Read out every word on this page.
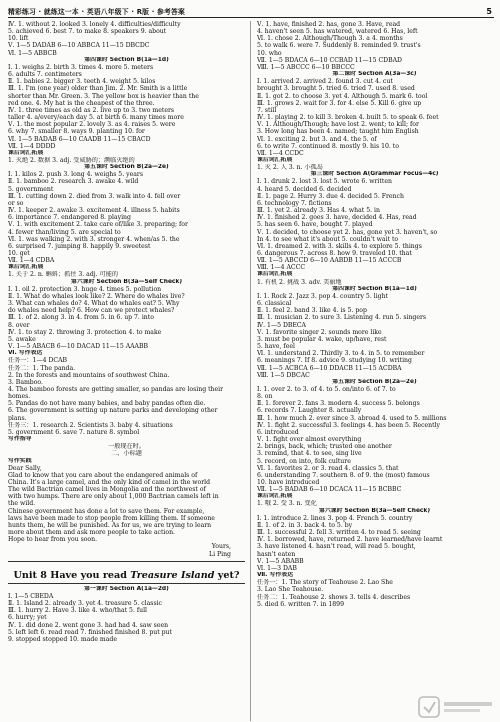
精彩练习 · 就练这一本 · 英语八年级下 · R版 · 参考答案	5
Ⅳ. 1. without 2. looked 3. lonely 4. difficulties/difficulty
5. achieved 6. best 7. to make 8. speakers 9. about
10. lift
Ⅴ. 1—5 DADAB 6—10 ABBCA 11—15 DBCDC
Ⅵ. 1—5 ABBCB
第四课时 Section B(1a—1d)
Ⅰ. 1. weighs 2. birth 3. times 4. more 5. meters
6. adults 7. centimeters
Ⅱ. 1. babies 2. bigger 3. teeth 4. weight 5. kilos
Ⅲ. 1. I'm (one year) older than Jim. 2. Mr. Smith is a little
shorter than Mr. Green. 3. The yellow box is heavier than the
red one. 4. My hat is the cheapest of the three.
Ⅳ. 1. three times as old as 2. live up to 3. two meters
taller 4. a/every/each day 5. at birth 6. many times more
Ⅴ. 1. the most popular 2. lovely 3. as 4. raises 5. were
6. why 7. smaller 8. ways 9. planting 10. for
Ⅵ. 1—5 BADAB 6—10 CAADB 11—15 CBACD
Ⅶ. 1—4 DDDD
课后词汇拓展
1. 灭绝 2. 数据 3. adj. 受威胁的；濒临灭绝的
第五课时 Section B(2a—2e)
Ⅰ. 1. kilos 2. push 3. long 4. weighs 5. years
Ⅱ. 1. bamboo 2. research 3. awake 4. wild
5. government
Ⅲ. 1. cutting down 2. died from 3. walk into 4. fell over
or so
Ⅳ. 1. keeper 2. awake 3. excitement 4. illness 5. habits
6. importance 7. endangered 8. playing
Ⅴ. 1. with excitement 2. take care of/like 3. preparing; for
4. fewer than/living 5. are special to
Ⅵ. 1. was walking 2. with 3. stronger 4. when/as 5. the
6. surprised 7. jumping 8. happily 9. sweetest
10. get
Ⅶ. 1—4 CDBA
课后词汇拓展
1. 关于 2. n. 蝌蚪；抓住 3. adj. 可能的
第六课时 Section B(3a—Self Check)
Ⅰ. 1. oil 2. protection 3. huge 4. times 5. pollution
Ⅱ. 1. What do whales look like? 2. Where do whales live?
3. What can whales do? 4. What do whales eat? 5. Why
do whales need help? 6. How can we protect whales?
Ⅲ. 1. of 2. along 3. in 4. from 5. in 6. up 7. into
8. over
Ⅳ. 1. to stay 2. throwing 3. protection 4. to make
5. awake
Ⅴ. 1—5 ABACB 6—10 DACAD 11—15 AAABB
Ⅵ. 写作表达
任务一：1—4 DCAB
任务二：1. The panda.
2. In the forests and mountains of southwest China.
3. Bamboo.
4. The bamboo forests are getting smaller, so pandas are losing their
homes.
5. Pandas do not have many babies, and baby pandas often die.
6. The government is setting up nature parks and developing other
plans.
任务三：1. research 2. Scientists 3. baby 4. situations
5. government 6. save 7. nature 8. symbol
写作指导
一般现在时。
二、小标题
写作实践
Dear Sally,
Glad to know that you care about the endangered animals of
China. It's a large camel, and the only kind of camel in the world
The wild Bactrian camel lives in Mongolia and the northwest of
with two humps. There are only about 1,000 Bactrian camels left in
the wild.
Chinese government has done a lot to save them. For example,
laws have been made to stop people from killing them. If someone
hunts them, he will be punished. As for us, we are trying to learn
more about them and ask more people to take action.
Hope to hear from you soon.
Yours,
Li Ping
Unit 8 Have you read Treasure Island yet?
第一课时 Section A(1a—2d)
Ⅰ. 1—5 CBEDA
Ⅱ. 1. Island 2. already 3. yet 4. treasure 5. classic
Ⅲ. 1. hurry 2. Have 3. like 4. who/that 5. full
6. hurry; yet
Ⅳ. 1. did done 2. went gone 3. had had 4. saw seen
5. left left 6. read read 7. finished finished 8. put put
9. stopped stopped 10. made made
Ⅴ. 1. have, finished 2. has, gone 3. Have, read
4. haven't seen 5. has watered, watered 6. Has, left
Ⅵ. 1. chose 2. Although/Though 3. a 4. months
5. to walk 6. were 7. Suddenly 8. reminded 9. trust's
10. who
Ⅶ. 1—5 BDACA 6—10 CCBAD 11—15 CDBAD
Ⅷ. 1—5 ABCCC 6—10 BBCCC
第二课时 Section A(3a—3c)
Ⅰ. 1. arrived 2. arrived 2. found 3. cut 4. cut
brought 3. brought 5. tried 6. tried 7. used 8. used
Ⅱ. 1. got 2. to choose 3. yet 4. Although 5. mark 6. tool
Ⅲ. 1. grows 2. wait for 3. for 4. else 5. Kill 6. give up
7. still
Ⅳ. 1. playing 2. to kill 3. broken 4. built 5. to speak 6. feet
Ⅴ. 1. Although/Though; have lost 2. went; to kill; for
3. How long has been 4. named; taught him English
Ⅵ. 1. exciting 2. but 3. and 4. the 5. of
6. to write 7. continued 8. mostly 9. his 10. to
Ⅶ. 1—4 CCDC
课后词汇拓展
1. 灭 2. 人 3. n. 小孤岛
第三课时 Section A(Grammar Focus—4c)
Ⅰ. 1. drunk 2. lost 3. lost 5. wrote 6. written
4. heard 5. decided 6. decided
Ⅱ. 1. page 2. Hurry 3. due 4. decided 5. French
6. technology 7. fictions
Ⅲ. 1. yet 2. already 3. Has 4. what 5. in
Ⅳ. 1. finished 2. goes 3. have, decided 4. Has, read
5. has seen 6. have, bought 7. played
Ⅴ. 1. decided, to choose yet 2. has, gone yet 3. haven't, so
In 4. to see what it's about 5. couldn't wait to
Ⅵ. 1. dreamed 2. with 3. skills 4. to explore 5. things
6. dangerous 7. across 8. how 9. traveled 10. that
Ⅶ. 1—5 ABCCD 6—10 AABDB 11—15 ACCCB
Ⅷ. 1—4 ACCC
课后词汇拓展
1. 有机 2. 挑战 3. adv. 美丽地
第四课时 Section B(1a—1d)
Ⅰ. 1. Rock 2. Jazz 3. pop 4. country 5. light
6. classical
Ⅱ. 1. feel 2. band 3. like 4. is 5. pop
Ⅲ. 1. musician 2. to sure 3. Listening 4. run 5. singers
Ⅳ. 1—5 DBECA
Ⅴ. 1. favorite singer 2. sounds more like
3. must be popular 4. wake, up/have, rest
5. have, feel
Ⅵ. 1. understand 2. Thirdly 3. to 4. in 5. to remember
6. meanings 7. If 8. advice 9. studying 10. writing
Ⅶ. 1—5 ACBCA 6—10 DDACB 11—15 ACDBA
Ⅷ. 1—5 DBCAC
第五课时 Section B(2a—2e)
Ⅰ. 1. over 2. to 3. of 4. to 5. on/into 6. of 7. to
8. on
Ⅱ. 1. forever 2. fans 3. modern 4. success 5. belongs
6. records 7. Laughter 8. actually
Ⅲ. 1. how much 2. ever since 3. abroad 4. used to 5. millions
Ⅳ. 1. fight 2. successful 3. feelings 4. has been 5. Recently
6. introduced
Ⅴ. 1. fight over almost everything
2. brings, back, which; trusted one another
3. remind, that 4. to see, sing live
5. record, on into, folk culture
Ⅵ. 1. favorites 2. or 3. read 4. classics 5. that
6. understanding 7. southern 8. of 9. the (most) famous
10. have introduced
Ⅶ. 1—5 BADAB 6—10 DCACA 11—15 BCBBC
课后词汇拓展
1. 哦 2. 受 3. n. 变化
第六课时 Section B(3a—Self Check)
Ⅰ. 1. introduce 2. lines 3. pop 4. French 5. country
Ⅱ. 1. of 2. in 3. back 4. to 5. by
Ⅲ. 1. successful 2. fell 3. written 4. to read 5. seeing
Ⅳ. 1. borrowed, have, returned 2. have learned/have learnt
3. have listened 4. hasn't read, will read 5. bought,
hasn't eaten
Ⅴ. 1—5 ABABB
Ⅵ. 1—3 DAB
Ⅶ. 写作表达
任务一：1. The story of Teahouse 2. Lao She
3. Lao She Teahouse.
任务二：1. Teahouse 2. shows 3. tells 4. describes
5. died 6. written 7. in 1899
